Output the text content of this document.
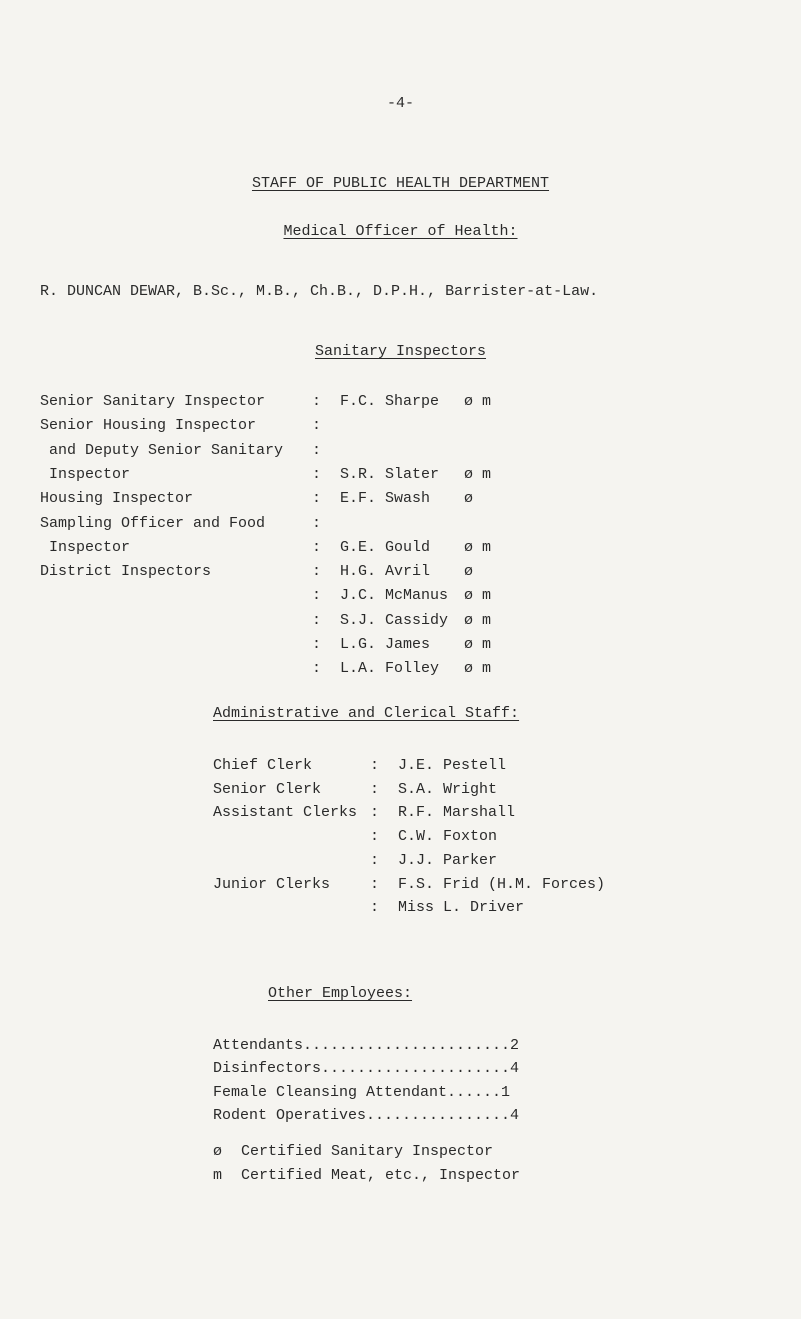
-4-
STAFF OF PUBLIC HEALTH DEPARTMENT
Medical Officer of Health:
R. DUNCAN DEWAR, B.Sc., M.B., Ch.B., D.P.H., Barrister-at-Law.
Sanitary Inspectors
Senior Sanitary Inspector	: F.C. Sharpe ø m
Senior Housing Inspector	:
and Deputy Senior Sanitary :
Inspector	: S.R. Slater ø m
Housing Inspector	: E.F. Swash ø
Sampling Officer and Food	:
Inspector	: G.E. Gould ø m
District Inspectors	: H.G. Avril ø
: J.C. McManus ø m
: S.J. Cassidy ø m
: L.G. James ø m
: L.A. Folley ø m
Administrative and Clerical Staff:
Chief Clerk	: J.E. Pestell
Senior Clerk	: S.A. Wright
Assistant Clerks : R.F. Marshall
: C.W. Foxton
: J.J. Parker
Junior Clerks	: F.S. Frid (H.M. Forces)
: Miss L. Driver
Other Employees:
Attendants.......................2
Disinfectors.....................4
Female Cleansing Attendant......1
Rodent Operatives................4
ø Certified Sanitary Inspector
m Certified Meat, etc., Inspector
